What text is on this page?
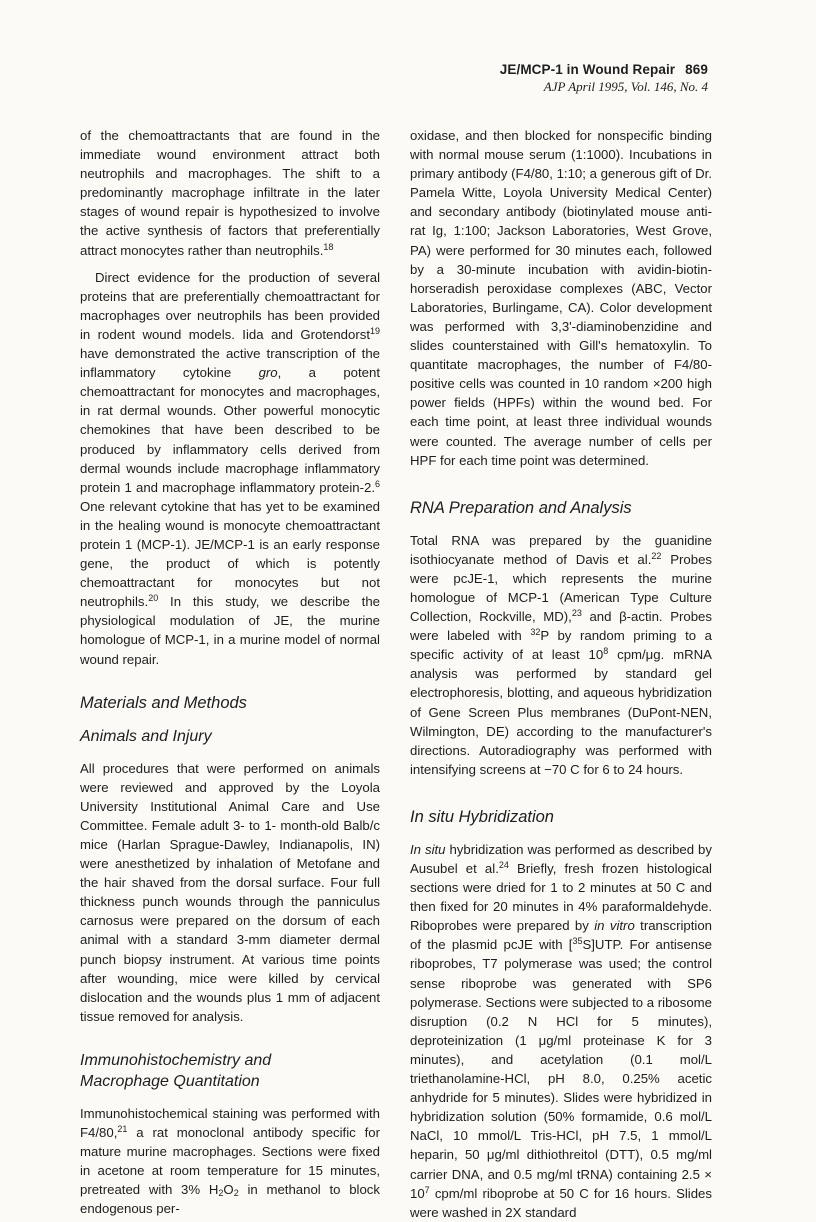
JE/MCP-1 in Wound Repair 869
AJP April 1995, Vol. 146, No. 4

of the chemoattractants that are found in the immediate wound environment attract both neutrophils and macrophages. The shift to a predominantly macrophage infiltrate in the later stages of wound repair is hypothesized to involve the active synthesis of factors that preferentially attract monocytes rather than neutrophils.$^{18}$

Direct evidence for the production of several proteins that are preferentially chemoattractant for macrophages over neutrophils has been provided in rodent wound models. Iida and Grotendorst$^{19}$ have demonstrated the active transcription of the inflammatory cytokine gro, a potent chemoattractant for monocytes and macrophages, in rat dermal wounds. Other powerful monocytic chemokines that have been described to be produced by inflammatory cells derived from dermal wounds include macrophage inflammatory protein 1 and macrophage inflammatory protein-2.$^6$ One relevant cytokine that has yet to be examined in the healing wound is monocyte chemoattractant protein 1 (MCP-1). JE/MCP-1 is an early response gene, the product of which is potently chemoattractant for monocytes but not neutrophils.$^{20}$ In this study, we describe the physiological modulation of JE, the murine homologue of MCP-1, in a murine model of normal wound repair.

Materials and Methods
Animals and Injury

All procedures that were performed on animals were reviewed and approved by the Loyola University Institutional Animal Care and Use Committee. Female adult 3- to 1- month-old Balb/c mice (Harlan Sprague-Dawley, Indianapolis, IN) were anesthetized by inhalation of Metofane and the hair shaved from the dorsal surface. Four full thickness punch wounds through the panniculus carnosus were prepared on the dorsum of each animal with a standard 3-mm diameter dermal punch biopsy instrument. At various time points after wounding, mice were killed by cervical dislocation and the wounds plus 1 mm of adjacent tissue removed for analysis.

Immunohistochemistry and
Macrophage Quantitation

Immunohistochemical staining was performed with F4/80,21 a rat monoclonal antibody specific for mature murine macrophages. Sections were fixed in acetone at room temperature for 15 minutes, pretreated with 3% $H_2O_2$ in methanol to block endogenous per-

oxidase, and then blocked for nonspecific binding with normal mouse serum (1:1000). Incubations in primary antibody (F4/80, 1:10; a generous gift of Dr. Pamela Witte, Loyola University Medical Center) and secondary antibody (biotinylated mouse anti-rat Ig, 1:100; Jackson Laboratories, West Grove, PA) were performed for 30 minutes each, followed by a 30-minute incubation with avidin-biotin-horseradish peroxidase complexes (ABC, Vector Laboratories, Burlingame, CA). Color development was performed with 3,3'-diaminobenzidine and slides counterstained with Gill's hematoxylin. To quantitate macrophages, the number of F4/80-positive cells was counted in 10 random ×200 high power fields (HPFs) within the wound bed. For each time point, at least three individual wounds were counted. The average number of cells per HPF for each time point was determined.

RNA Preparation and Analysis

Total RNA was prepared by the guanidine isothiocyanate method of Davis et al.$^{22}$ Probes were pcJE-1, which represents the murine homologue of MCP-1 (American Type Culture Collection, Rockville, MD),$^{23}$ and β-actin. Probes were labeled with $^{32}$P by random priming to a specific activity of at least $10^8$ cpm/μg. mRNA analysis was performed by standard gel electrophoresis, blotting, and aqueous hybridization of Gene Screen Plus membranes (DuPont-NEN, Wilmington, DE) according to the manufacturer's directions. Autoradiography was performed with intensifying screens at −70 C for 6 to 24 hours.

In situ Hybridization

In situ hybridization was performed as described by Ausubel et al.$^{24}$ Briefly, fresh frozen histological sections were dried for 1 to 2 minutes at 50 C and then fixed for 20 minutes in 4% paraformaldehyde. Riboprobes were prepared by in vitro transcription of the plasmid pcJE with [$^{35}$S]UTP. For antisense riboprobes, T7 polymerase was used; the control sense riboprobe was generated with SP6 polymerase. Sections were subjected to a ribosome disruption (0.2 N HCl for 5 minutes), deproteinization (1 μg/ml proteinase K for 3 minutes), and acetylation (0.1 mol/L triethanolamine-HCl, pH 8.0, 0.25% acetic anhydride for 5 minutes). Slides were hybridized in hybridization solution (50% formamide, 0.6 mol/L NaCl, 10 mmol/L Tris-HCl, pH 7.5, 1 mmol/L heparin, 50 μg/ml dithiothreitol (DTT), 0.5 mg/ml carrier DNA, and 0.5 mg/ml tRNA) containing $2.5 \times 10^7$ cpm/ml riboprobe at 50 C for 16 hours. Slides were washed in 2X standard
